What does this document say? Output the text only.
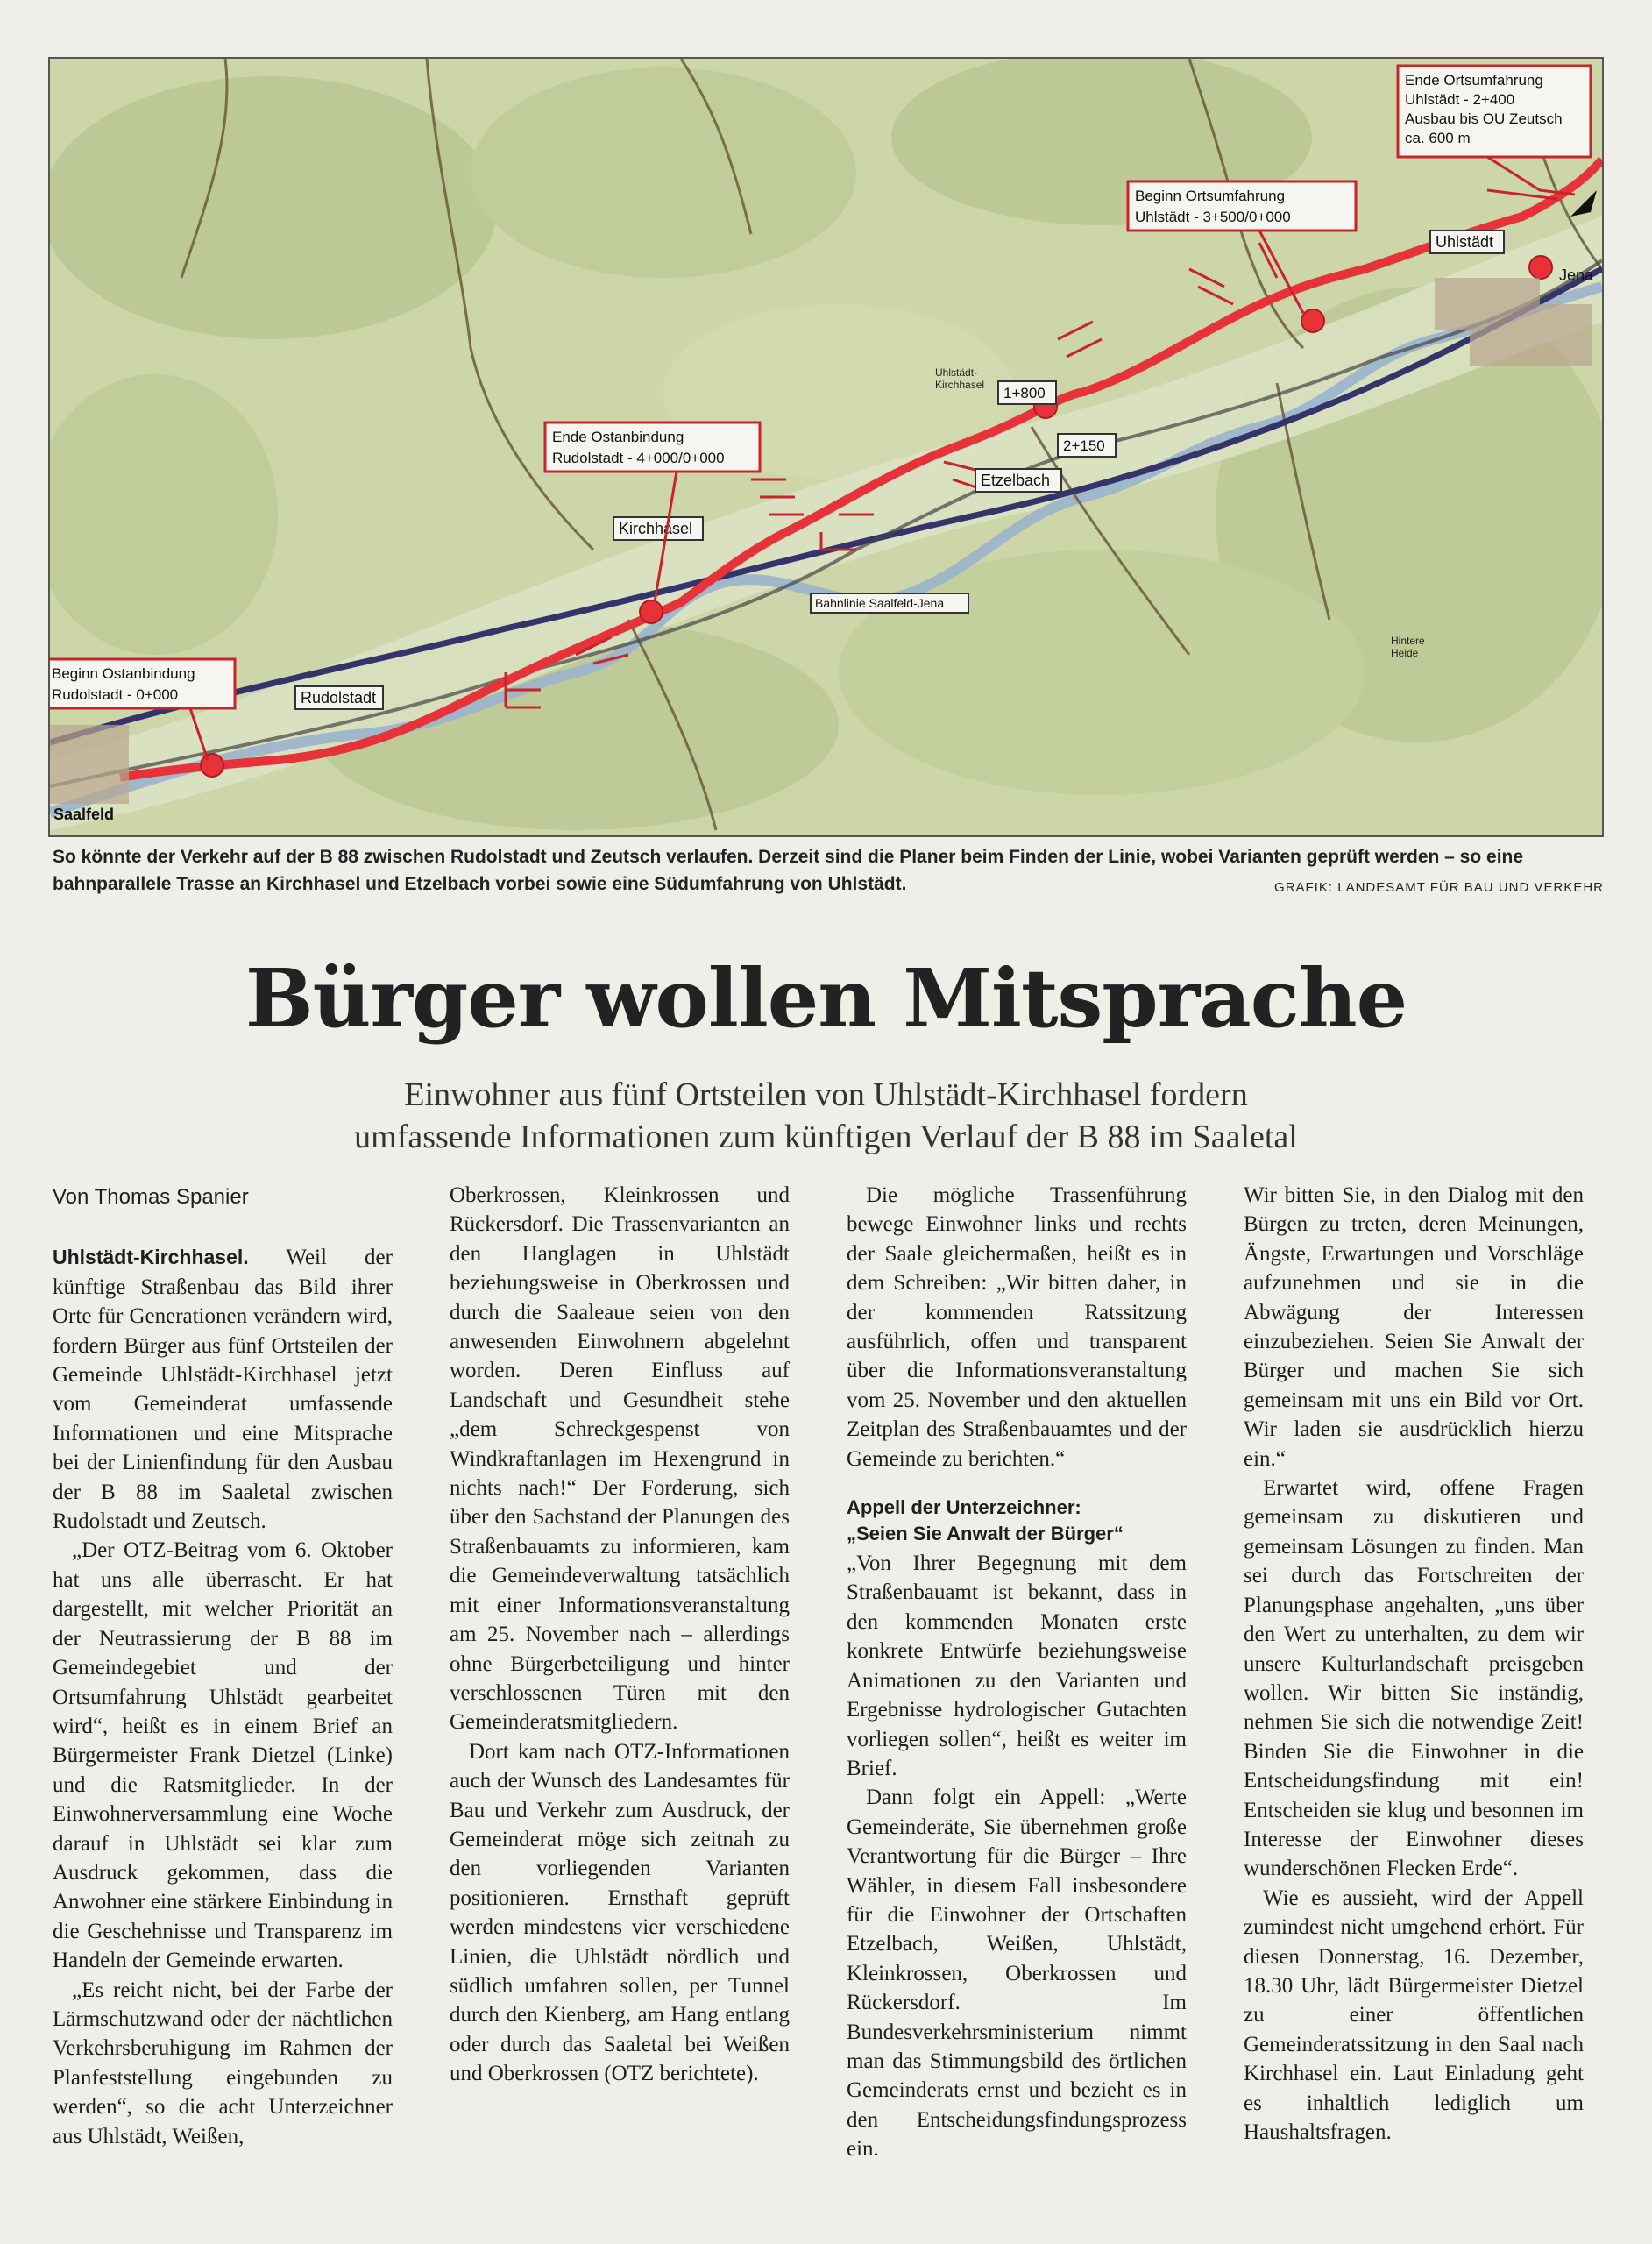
Ende Ortsumfahrung
Uhlstädt - 2+400
Ausbau bis OU Zeutsch
ca. 600 m
Beginn Ortsumfahrung
Uhlstädt - 3+500/0+000
Ende Ostanbindung
Rudolstadt - 4+000/0+000
Beginn Ostanbindung
Rudolstadt - 0+000
Uhlstädt
Jena
Kirchhasel
Etzelbach
Rudolstadt
Saalfeld
Bahnlinie Saalfeld-Jena
1+800
2+150
Uhlstädt-
Kirchhasel
Hintere
Heide
So könnte der Verkehr auf der B 88 zwischen Rudolstadt und Zeutsch verlaufen. Derzeit sind die Planer beim Finden der Linie, wobei Varianten geprüft werden – so eine bahnparallele Trasse an Kirchhasel und Etzelbach vorbei sowie eine Südumfahrung von Uhlstädt.	GRAFIK: LANDESAMT FÜR BAU UND VERKEHR
Bürger wollen Mitsprache
Einwohner aus fünf Ortsteilen von Uhlstädt-Kirchhasel fordern
umfassende Informationen zum künftigen Verlauf der B 88 im Saaletal
Von Thomas Spanier

Uhlstädt-Kirchhasel. Weil der künftige Straßenbau das Bild ihrer Orte für Generationen verändern wird, fordern Bürger aus fünf Ortsteilen der Gemeinde Uhlstädt-Kirchhasel jetzt vom Gemeinderat umfassende Informationen und eine Mitsprache bei der Linienfindung für den Ausbau der B 88 im Saaletal zwischen Rudolstadt und Zeutsch.

„Der OTZ-Beitrag vom 6. Oktober hat uns alle überrascht. Er hat dargestellt, mit welcher Priorität an der Neutrassierung der B 88 im Gemeindegebiet und der Ortsumfahrung Uhlstädt gearbeitet wird“, heißt es in einem Brief an Bürgermeister Frank Dietzel (Linke) und die Ratsmitglieder. In der Einwohnerversammlung eine Woche darauf in Uhlstädt sei klar zum Ausdruck gekommen, dass die Anwohner eine stärkere Einbindung in die Geschehnisse und Transparenz im Handeln der Gemeinde erwarten.

„Es reicht nicht, bei der Farbe der Lärmschutzwand oder der nächtlichen Verkehrsberuhigung im Rahmen der Planfeststellung eingebunden zu werden“, so die acht Unterzeichner aus Uhlstädt, Weißen,

Oberkrossen, Kleinkrossen und Rückersdorf. Die Trassenvarianten an den Hanglagen in Uhlstädt beziehungsweise in Oberkrossen und durch die Saaleaue seien von den anwesenden Einwohnern abgelehnt worden. Deren Einfluss auf Landschaft und Gesundheit stehe „dem Schreckgespenst von Windkraftanlagen im Hexengrund in nichts nach!“ Der Forderung, sich über den Sachstand der Planungen des Straßenbauamts zu informieren, kam die Gemeindeverwaltung tatsächlich mit einer Informationsveranstaltung am 25. November nach – allerdings ohne Bürgerbeteiligung und hinter verschlossenen Türen mit den Gemeinderatsmitgliedern.

Dort kam nach OTZ-Informationen auch der Wunsch des Landesamtes für Bau und Verkehr zum Ausdruck, der Gemeinderat möge sich zeitnah zu den vorliegenden Varianten positionieren. Ernsthaft geprüft werden mindestens vier verschiedene Linien, die Uhlstädt nördlich und südlich umfahren sollen, per Tunnel durch den Kienberg, am Hang entlang oder durch das Saaletal bei Weißen und Oberkrossen (OTZ berichtete).

Die mögliche Trassenführung bewege Einwohner links und rechts der Saale gleichermaßen, heißt es in dem Schreiben: „Wir bitten daher, in der kommenden Ratssitzung ausführlich, offen und transparent über die Informationsveranstaltung vom 25. November und den aktuellen Zeitplan des Straßenbauamtes und der Gemeinde zu berichten.“

Appell der Unterzeichner:
„Seien Sie Anwalt der Bürger“

„Von Ihrer Begegnung mit dem Straßenbauamt ist bekannt, dass in den kommenden Monaten erste konkrete Entwürfe beziehungsweise Animationen zu den Varianten und Ergebnisse hydrologischer Gutachten vorliegen sollen“, heißt es weiter im Brief.

Dann folgt ein Appell: „Werte Gemeinderäte, Sie übernehmen große Verantwortung für die Bürger – Ihre Wähler, in diesem Fall insbesondere für die Einwohner der Ortschaften Etzelbach, Weißen, Uhlstädt, Kleinkrossen, Oberkrossen und Rückersdorf. Im Bundesverkehrsministerium nimmt man das Stimmungsbild des örtlichen Gemeinderats ernst und bezieht es in den Entscheidungsfindungsprozess ein.

Wir bitten Sie, in den Dialog mit den Bürgen zu treten, deren Meinungen, Ängste, Erwartungen und Vorschläge aufzunehmen und sie in die Abwägung der Interessen einzubeziehen. Seien Sie Anwalt der Bürger und machen Sie sich gemeinsam mit uns ein Bild vor Ort. Wir laden sie ausdrücklich hierzu ein.“

Erwartet wird, offene Fragen gemeinsam zu diskutieren und gemeinsam Lösungen zu finden. Man sei durch das Fortschreiten der Planungsphase angehalten, „uns über den Wert zu unterhalten, zu dem wir unsere Kulturlandschaft preisgeben wollen. Wir bitten Sie inständig, nehmen Sie sich die notwendige Zeit! Binden Sie die Einwohner in die Entscheidungsfindung mit ein! Entscheiden sie klug und besonnen im Interesse der Einwohner dieses wunderschönen Flecken Erde“.

Wie es aussieht, wird der Appell zumindest nicht umgehend erhört. Für diesen Donnerstag, 16. Dezember, 18.30 Uhr, lädt Bürgermeister Dietzel zu einer öffentlichen Gemeinderatssitzung in den Saal nach Kirchhasel ein. Laut Einladung geht es inhaltlich lediglich um Haushaltsfragen.
